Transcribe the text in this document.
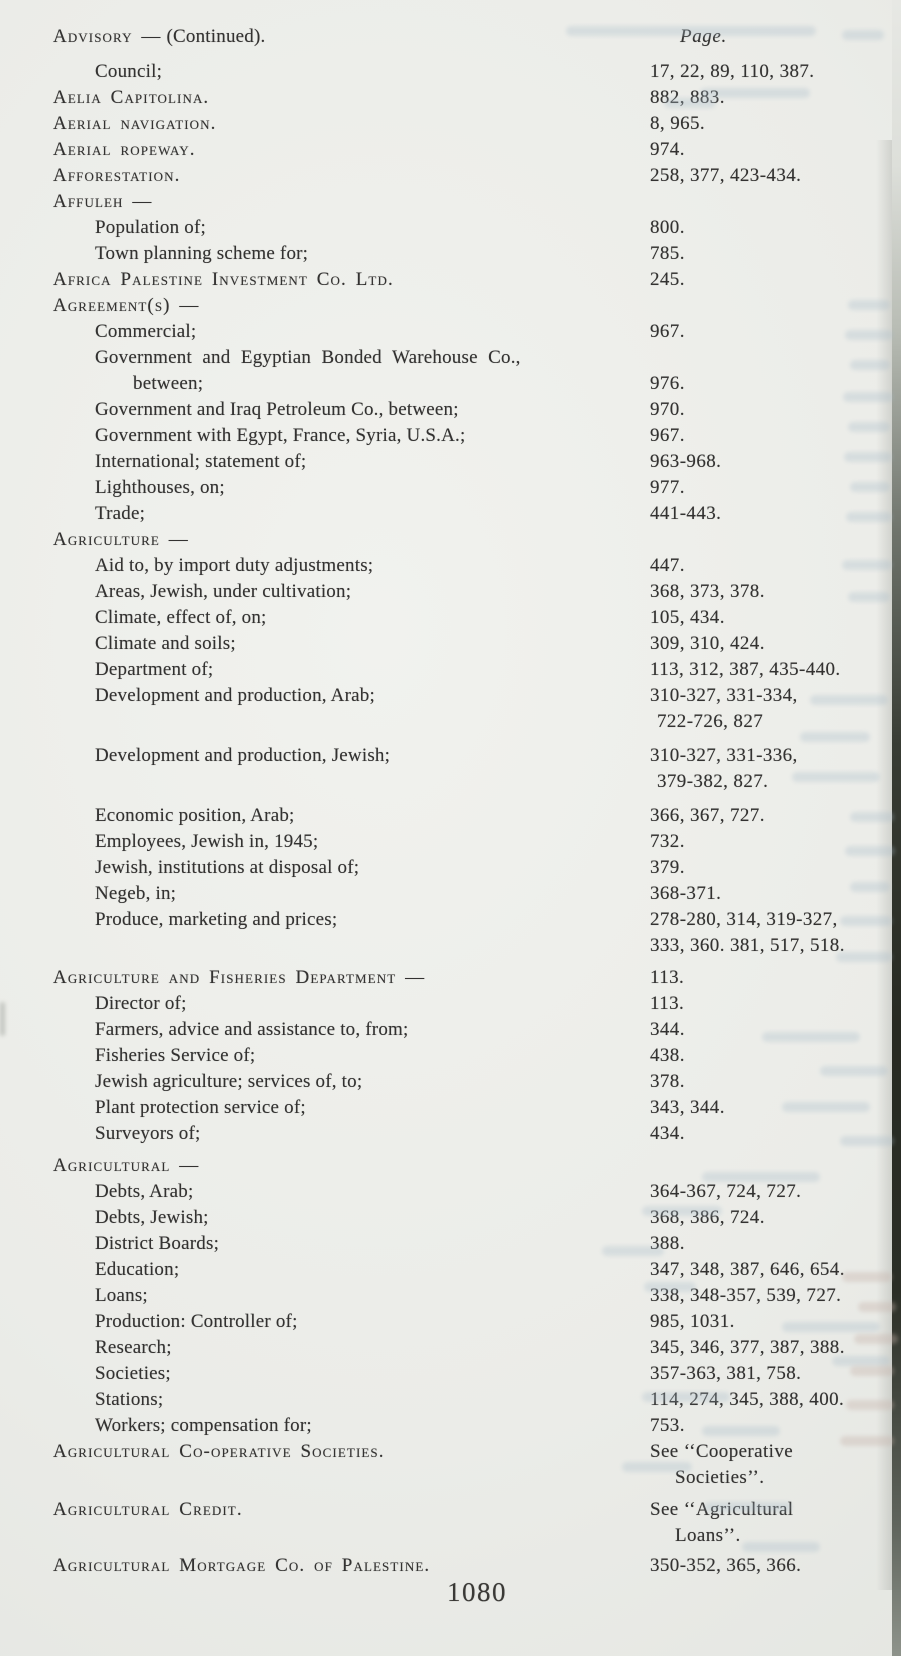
Advisory — (Continued).	Page.
Council;	17, 22, 89, 110, 387.
Aelia Capitolina.	882, 883.
Aerial navigation.	8, 965.
Aerial ropeway.	974.
Afforestation.	258, 377, 423-434.
Affuleh —
Population of;	800.
Town planning scheme for;	785.
Africa Palestine Investment Co. Ltd.	245.
Agreement(s) —
Commercial;	967.
Government and Egyptian Bonded Warehouse Co.,
between;	976.
Government and Iraq Petroleum Co., between;	970.
Government with Egypt, France, Syria, U.S.A.;	967.
International; statement of;	963-968.
Lighthouses, on;	977.
Trade;	441-443.
Agriculture —
Aid to, by import duty adjustments;	447.
Areas, Jewish, under cultivation;	368, 373, 378.
Climate, effect of, on;	105, 434.
Climate and soils;	309, 310, 424.
Department of;	113, 312, 387, 435-440.
Development and production, Arab;	310-327, 331-334,
722-726, 827
Development and production, Jewish;	310-327, 331-336,
379-382, 827.
Economic position, Arab;	366, 367, 727.
Employees, Jewish in, 1945;	732.
Jewish, institutions at disposal of;	379.
Negeb, in;	368-371.
Produce, marketing and prices;	278-280, 314, 319-327,
333, 360. 381, 517, 518.
Agriculture and Fisheries Department —	113.
Director of;	113.
Farmers, advice and assistance to, from;	344.
Fisheries Service of;	438.
Jewish agriculture; services of, to;	378.
Plant protection service of;	343, 344.
Surveyors of;	434.
Agricultural —
Debts, Arab;	364-367, 724, 727.
Debts, Jewish;	368, 386, 724.
District Boards;	388.
Education;	347, 348, 387, 646, 654.
Loans;	338, 348-357, 539, 727.
Production: Controller of;	985, 1031.
Research;	345, 346, 377, 387, 388.
Societies;	357-363, 381, 758.
Stations;	114, 274, 345, 388, 400.
Workers; compensation for;	753.
Agricultural Co-operative Societies.	See ‘‘Cooperative
Societies’’.
Agricultural Credit.	See ‘‘Agricultural
Loans’’.
Agricultural Mortgage Co. of Palestine.	350-352, 365, 366.
1080
